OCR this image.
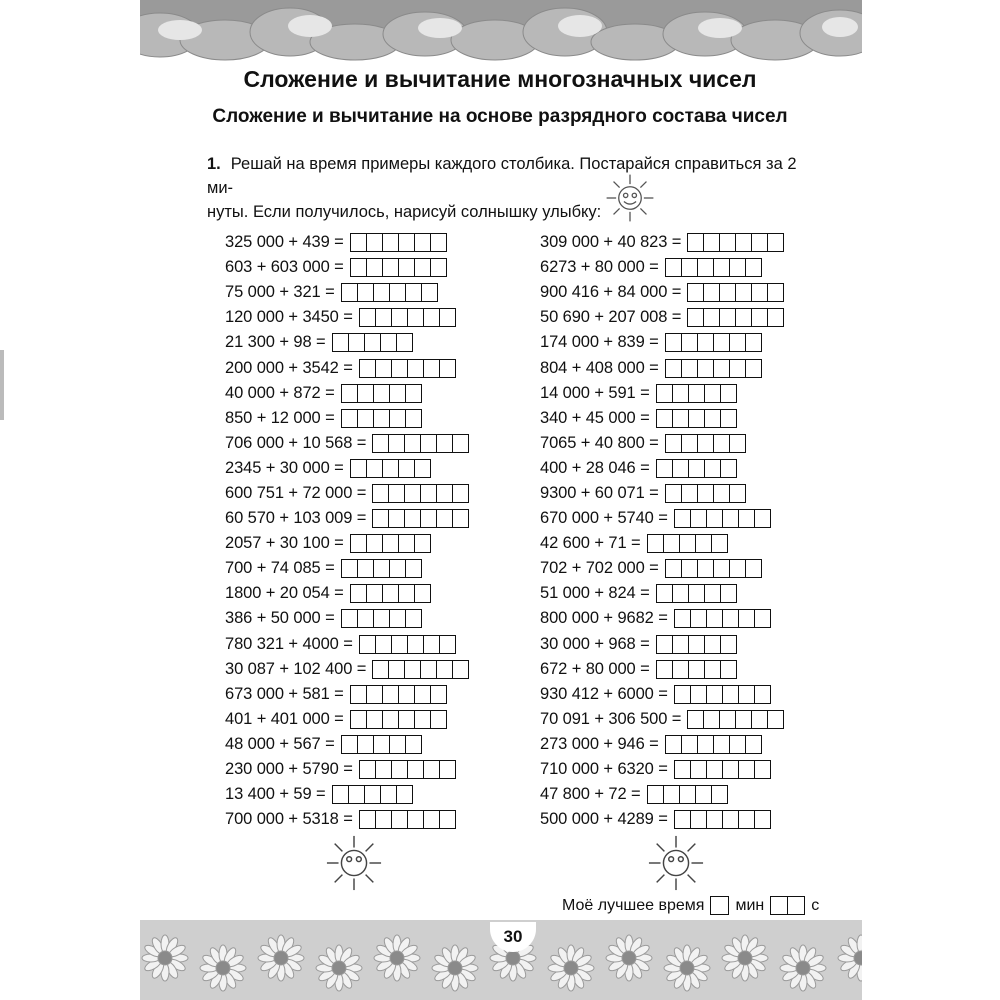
Сложение и вычитание многозначных чисел
Сложение и вычитание на основе разрядного состава чисел
1. Решай на время примеры каждого столбика. Постарайся справиться за 2 ми-
нуты. Если получилось, нарисуй солнышку улыбку:
325 000 + 439 =
603 + 603 000 =
75 000 + 321 =
120 000 + 3450 =
21 300 + 98 =
200 000 + 3542 =
40 000 + 872 =
850 + 12 000 =
706 000 + 10 568 =
2345 + 30 000 =
600 751 + 72 000 =
60 570 + 103 009 =
2057 + 30 100 =
700 + 74 085 =
1800 + 20 054 =
386 + 50 000 =
780 321 + 4000 =
30 087 + 102 400 =
673 000 + 581 =
401 + 401 000 =
48 000 + 567 =
230 000 + 5790 =
13 400 + 59 =
700 000 + 5318 =
309 000 + 40 823 =
6273 + 80 000 =
900 416 + 84 000 =
50 690 + 207 008 =
174 000 + 839 =
804 + 408 000 =
14 000 + 591 =
340 + 45 000 =
7065 + 40 800 =
400 + 28 046 =
9300 + 60 071 =
670 000 + 5740 =
42 600 + 71 =
702 + 702 000 =
51 000 + 824 =
800 000 + 9682 =
30 000 + 968 =
672 + 80 000 =
930 412 + 6000 =
70 091 + 306 500 =
273 000 + 946 =
710 000 + 6320 =
47 800 + 72 =
500 000 + 4289 =
Моё лучшее время мин	с
30
